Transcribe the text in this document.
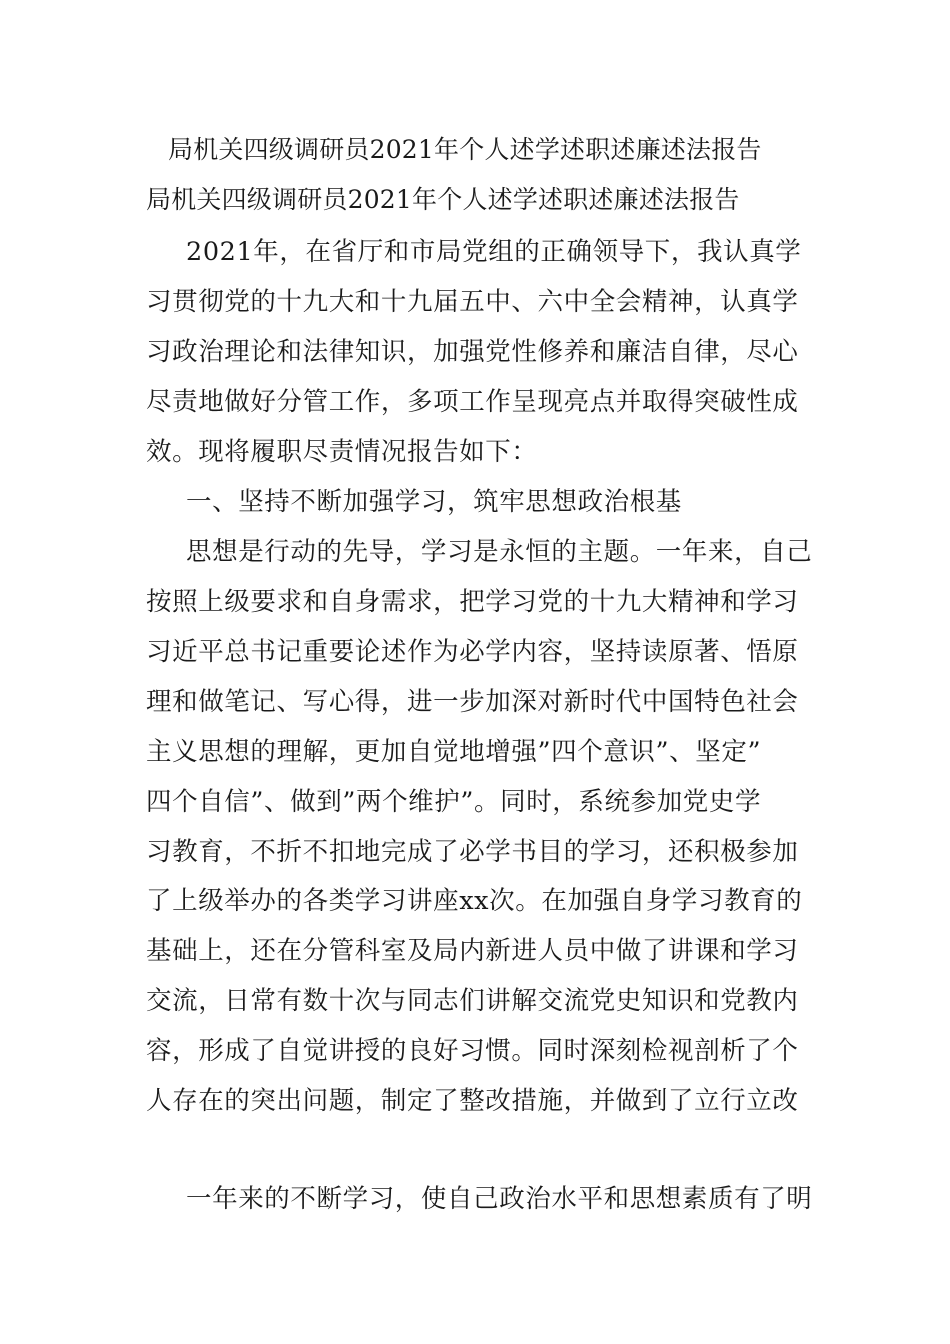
局机关四级调研员2021年个人述学述职述廉述法报告
局机关四级调研员2021年个人述学述职述廉述法报告
2021年，在省厅和市局党组的正确领导下，我认真学
习贯彻党的十九大和十九届五中、六中全会精神，认真学
习政治理论和法律知识，加强党性修养和廉洁自律，尽心
尽责地做好分管工作，多项工作呈现亮点并取得突破性成
效。现将履职尽责情况报告如下：
一、坚持不断加强学习，筑牢思想政治根基
思想是行动的先导，学习是永恒的主题。一年来，自己
按照上级要求和自身需求，把学习党的十九大精神和学习
习近平总书记重要论述作为必学内容，坚持读原著、悟原
理和做笔记、写心得，进一步加深对新时代中国特色社会
主义思想的理解，更加自觉地增强”四个意识”、坚定”
四个自信”、做到”两个维护”。同时，系统参加党史学
习教育，不折不扣地完成了必学书目的学习，还积极参加
了上级举办的各类学习讲座xx次。在加强自身学习教育的
基础上，还在分管科室及局内新进人员中做了讲课和学习
交流，日常有数十次与同志们讲解交流党史知识和党教内
容，形成了自觉讲授的良好习惯。同时深刻检视剖析了个
人存在的突出问题，制定了整改措施，并做到了立行立改
一年来的不断学习，使自己政治水平和思想素质有了明
